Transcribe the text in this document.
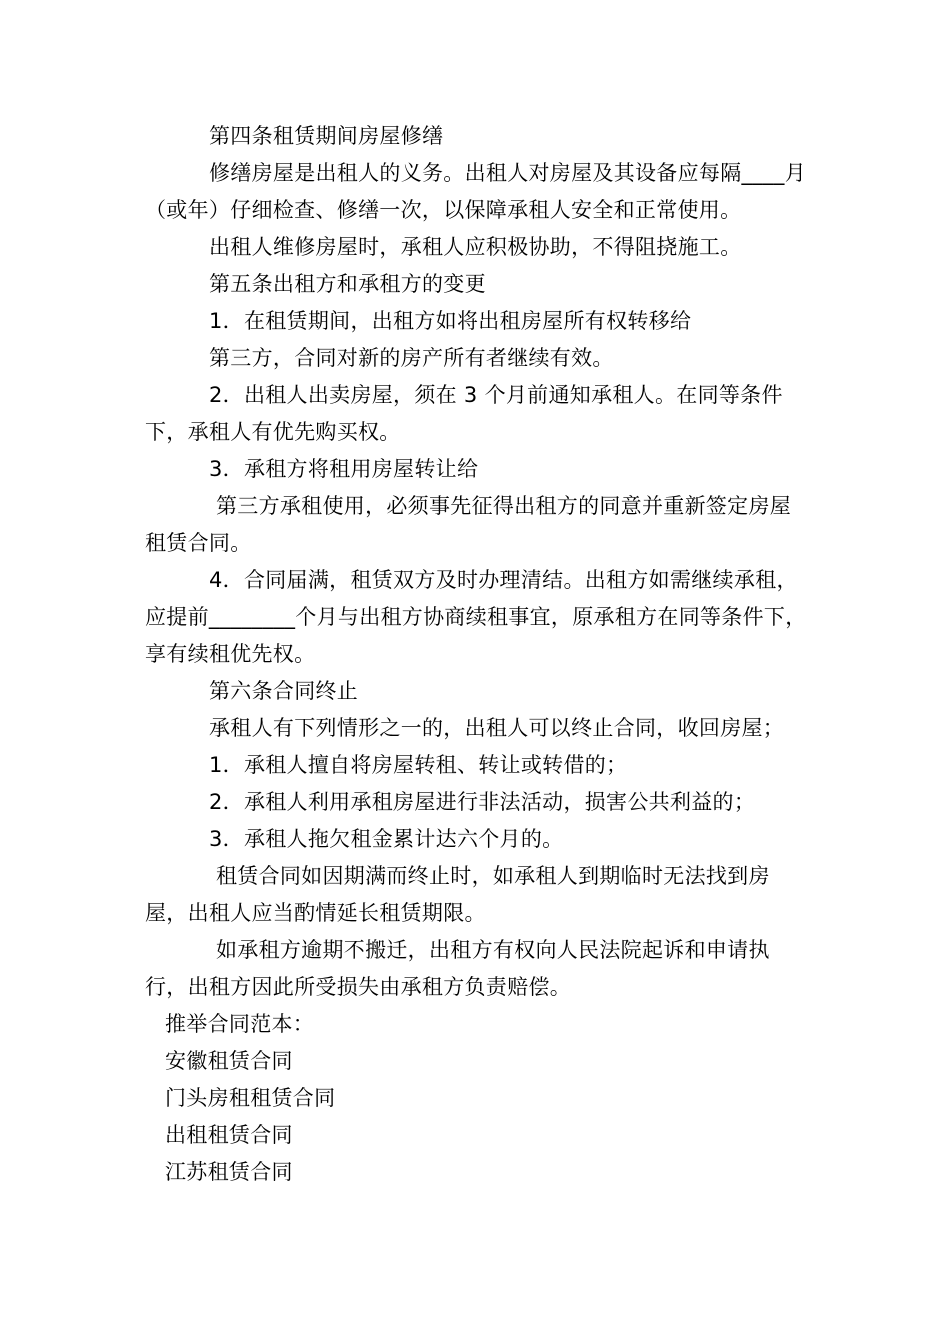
第四条租赁期间房屋修缮

修缮房屋是出租人的义务。出租人对房屋及其设备应每隔____月（或年）仔细检查、修缮一次，以保障承租人安全和正常使用。

出租人维修房屋时，承租人应积极协助，不得阻挠施工。

第五条出租方和承租方的变更

1．在租赁期间，出租方如将出租房屋所有权转移给

第三方，合同对新的房产所有者继续有效。

2．出租人出卖房屋，须在 3 个月前通知承租人。在同等条件下，承租人有优先购买权。

3．承租方将租用房屋转让给

第三方承租使用，必须事先征得出租方的同意并重新签定房屋租赁合同。

4．合同届满，租赁双方及时办理清结。出租方如需继续承租，应提前________个月与出租方协商续租事宜，原承租方在同等条件下，享有续租优先权。

第六条合同终止

承租人有下列情形之一的，出租人可以终止合同，收回房屋；

1．承租人擅自将房屋转租、转让或转借的；

2．承租人利用承租房屋进行非法活动，损害公共利益的；

3．承租人拖欠租金累计达六个月的。

租赁合同如因期满而终止时，如承租人到期临时无法找到房屋，出租人应当酌情延长租赁期限。

如承租方逾期不搬迁，出租方有权向人民法院起诉和申请执行，出租方因此所受损失由承租方负责赔偿。

推举合同范本：

安徽租赁合同

门头房租租赁合同

出租租赁合同

江苏租赁合同
